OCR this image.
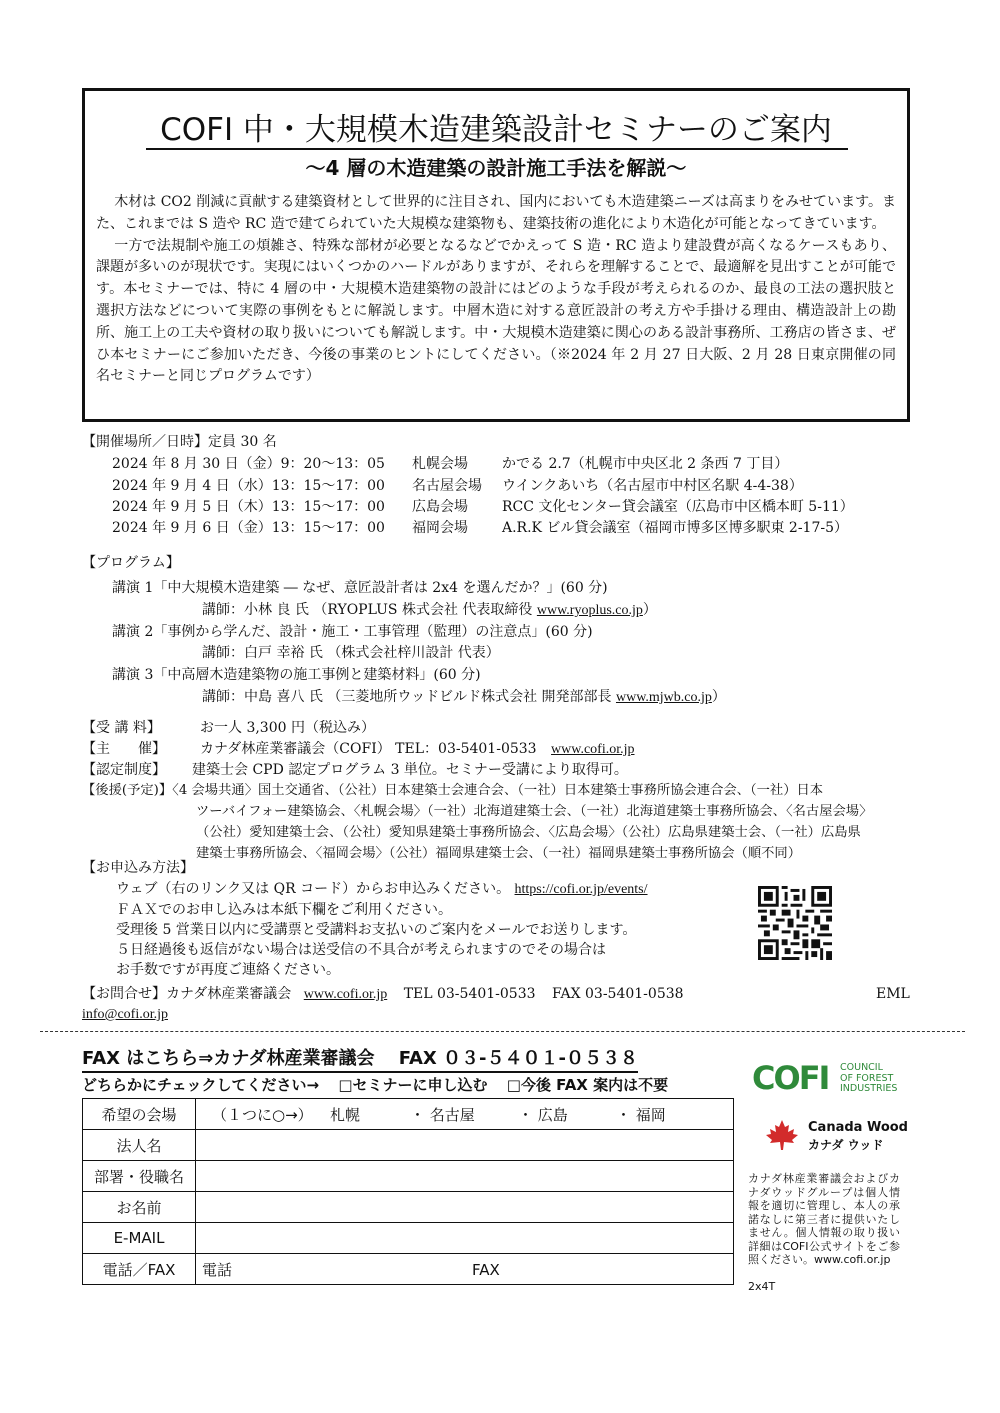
COFI 中・大規模木造建築設計セミナーのご案内
～4 層の木造建築の設計施工手法を解説～

木材は CO2 削減に貢献する建築資材として世界的に注目され、国内においても木造建築ニーズは高まりをみせています。また、これまでは S 造や RC 造で建てられていた大規模な建築物も、建築技術の進化により木造化が可能となってきています。

一方で法規制や施工の煩雑さ、特殊な部材が必要となるなどでかえって S 造・RC 造より建設費が高くなるケースもあり、課題が多いのが現状です。実現にはいくつかのハードルがありますが、それらを理解することで、最適解を見出すことが可能です。本セミナーでは、特に 4 層の中・大規模木造建築物の設計にはどのような手段が考えられるのか、最良の工法の選択肢と選択方法などについて実際の事例をもとに解説します。中層木造に対する意匠設計の考え方や手掛ける理由、構造設計上の勘所、施工上の工夫や資材の取り扱いについても解説します。中・大規模木造建築に関心のある設計事務所、工務店の皆さま、ぜひ本セミナーにご参加いただき、今後の事業のヒントにしてください。（※2024 年 2 月 27 日大阪、2 月 28 日東京開催の同名セミナーと同じプログラムです）

【開催場所／日時】定員 30 名
2024 年 8 月 30 日（金）9：20～13：05 札幌会場 かでる 2.7（札幌市中央区北 2 条西 7 丁目）
2024 年 9 月 4 日（水）13：15～17：00 名古屋会場 ウインクあいち（名古屋市中村区名駅 4-4-38）
2024 年 9 月 5 日（木）13：15～17：00 広島会場 RCC 文化センター貸会議室（広島市中区橋本町 5-11）
2024 年 9 月 6 日（金）13：15～17：00 福岡会場 A.R.K ビル貸会議室（福岡市博多区博多駅東 2-17-5）
【プログラム】
講演 1「中大規模木造建築 ― なぜ、意匠設計者は 2x4 を選んだか？」(60 分)
講師：小林 良 氏 （RYOPLUS 株式会社 代表取締役 www.ryoplus.co.jp）
講演 2「事例から学んだ、設計・施工・工事管理（監理）の注意点」(60 分)
講師：白戸 幸裕 氏 （株式会社梓川設計 代表）
講演 3「中高層木造建築物の施工事例と建築材料」(60 分)
講師：中島 喜八 氏 （三菱地所ウッドビルド株式会社 開発部部長 www.mjwb.co.jp）
【受 講 料】	お一人 3,300 円（税込み）
【主　　催】 カナダ林産業審議会（COFI） TEL：03-5401-0533 www.cofi.or.jp
【認定制度】 建築士会 CPD 認定プログラム 3 単位。セミナー受講により取得可。
【後援(予定)】〈4 会場共通〉国土交通省、（公社）日本建築士会連合会、（一社）日本建築士事務所協会連合会、（一社）日本
ツーバイフォー建築協会、〈札幌会場〉（一社）北海道建築士会、（一社）北海道建築士事務所協会、〈名古屋会場〉
（公社）愛知建築士会、（公社）愛知県建築士事務所協会、〈広島会場〉（公社）広島県建築士会、（一社）広島県
建築士事務所協会、〈福岡会場〉（公社）福岡県建築士会、（一社）福岡県建築士事務所協会（順不同）
【お申込み方法】
ウェブ（右のリンク又は QR コード）からお申込みください。 https://cofi.or.jp/events/
ＦＡＸでのお申し込みは本紙下欄をご利用ください。
受理後 5 営業日以内に受講票と受講料お支払いのご案内をメールでお送りします。
５日経過後も返信がない場合は送受信の不具合が考えられますのでその場合は
お手数ですが再度ご連絡ください。
【お問合せ】カナダ林産業審議会 www.cofi.or.jp TEL 03-5401-0533 FAX 03-5401-0538	EML
info@cofi.or.jp
FAX はこちら⇒カナダ林産業審議会　 FAX ０３-５４０１-０５３８
どちらかにチェックしてください→ □セミナーに申し込む □今後 FAX 案内は不要
希望の会場	（１つに○→） 札幌 ・ 名古屋 ・ 広島 ・ 福岡
法人名	
部署・役職名	
お名前	
E-MAIL	
電話／FAX	電話 FAX
COFI COUNCIL
OF FOREST
INDUSTRIES
Canada Wood
カナダ ウッド
カナダ林産業審議会およびカナダウッドグループは個人情報を適切に管理し、本人の承諾なしに第三者に提供いたしません。個人情報の取り扱い詳細はCOFI公式サイトをご参照ください。www.cofi.or.jp
2x4T
